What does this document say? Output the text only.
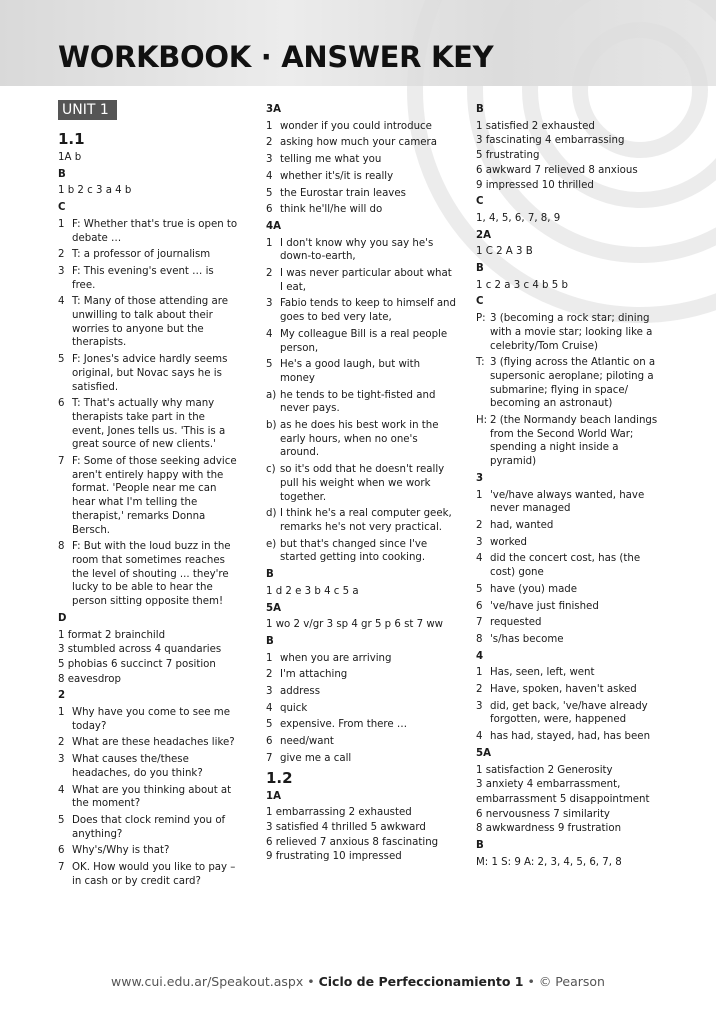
WORKBOOK · ANSWER KEY
UNIT 1
1.1
1A b
B
1 b 2 c 3 a 4 b
C
1 F: Whether that's true is open to debate …
2 T: a professor of journalism
3 F: This evening's event … is free.
4 T: Many of those attending are unwilling to talk about their worries to anyone but the therapists.
5 F: Jones's advice hardly seems original, but Novac says he is satisfied.
6 T: That's actually why many therapists take part in the event, Jones tells us. 'This is a great source of new clients.'
7 F: Some of those seeking advice aren't entirely happy with the format. 'People near me can hear what I'm telling the therapist,' remarks Donna Bersch.
8 F: But with the loud buzz in the room that sometimes reaches the level of shouting ... they're lucky to be able to hear the person sitting opposite them!
D
1 format 2 brainchild
3 stumbled across 4 quandaries
5 phobias 6 succinct 7 position
8 eavesdrop
2
1 Why have you come to see me today?
2 What are these headaches like?
3 What causes the/these headaches, do you think?
4 What are you thinking about at the moment?
5 Does that clock remind you of anything?
6 Why's/Why is that?
7 OK. How would you like to pay – in cash or by credit card?
3A
1 wonder if you could introduce
2 asking how much your camera
3 telling me what you
4 whether it's/it is really
5 the Eurostar train leaves
6 think he'll/he will do
4A
1 I don't know why you say he's down-to-earth,
2 I was never particular about what I eat,
3 Fabio tends to keep to himself and goes to bed very late,
4 My colleague Bill is a real people person,
5 He's a good laugh, but with money
a) he tends to be tight-fisted and never pays.
b) as he does his best work in the early hours, when no one's around.
c) so it's odd that he doesn't really pull his weight when we work together.
d) I think he's a real computer geek, remarks he's not very practical.
e) but that's changed since I've started getting into cooking.
B
1 d 2 e 3 b 4 c 5 a
5A
1 wo 2 v/gr 3 sp 4 gr 5 p 6 st 7 ww
B
1 when you are arriving
2 I'm attaching
3 address
4 quick
5 expensive. From there …
6 need/want
7 give me a call
1.2
1A
1 embarrassing 2 exhausted
3 satisfied 4 thrilled 5 awkward
6 relieved 7 anxious 8 fascinating
9 frustrating 10 impressed
B
1 satisfied 2 exhausted
3 fascinating 4 embarrassing
5 frustrating
6 awkward 7 relieved 8 anxious
9 impressed 10 thrilled
C
1, 4, 5, 6, 7, 8, 9
2A
1 C 2 A 3 B
B
1 c 2 a 3 c 4 b 5 b
C
P: 3 (becoming a rock star; dining with a movie star; looking like a celebrity/Tom Cruise)
T: 3 (flying across the Atlantic on a supersonic aeroplane; piloting a submarine; flying in space/ becoming an astronaut)
H: 2 (the Normandy beach landings from the Second World War; spending a night inside a pyramid)
3
1 've/have always wanted, have never managed
2 had, wanted
3 worked
4 did the concert cost, has (the cost) gone
5 have (you) made
6 've/have just finished
7 requested
8 's/has become
4
1 Has, seen, left, went
2 Have, spoken, haven't asked
3 did, get back, 've/have already forgotten, were, happened
4 has had, stayed, had, has been
5A
1 satisfaction 2 Generosity
3 anxiety 4 embarrassment,
embarrassment 5 disappointment
6 nervousness 7 similarity
8 awkwardness 9 frustration
B
M: 1 S: 9 A: 2, 3, 4, 5, 6, 7, 8
www.cui.edu.ar/Speakout.aspx • Ciclo de Perfeccionamiento 1 • © Pearson
